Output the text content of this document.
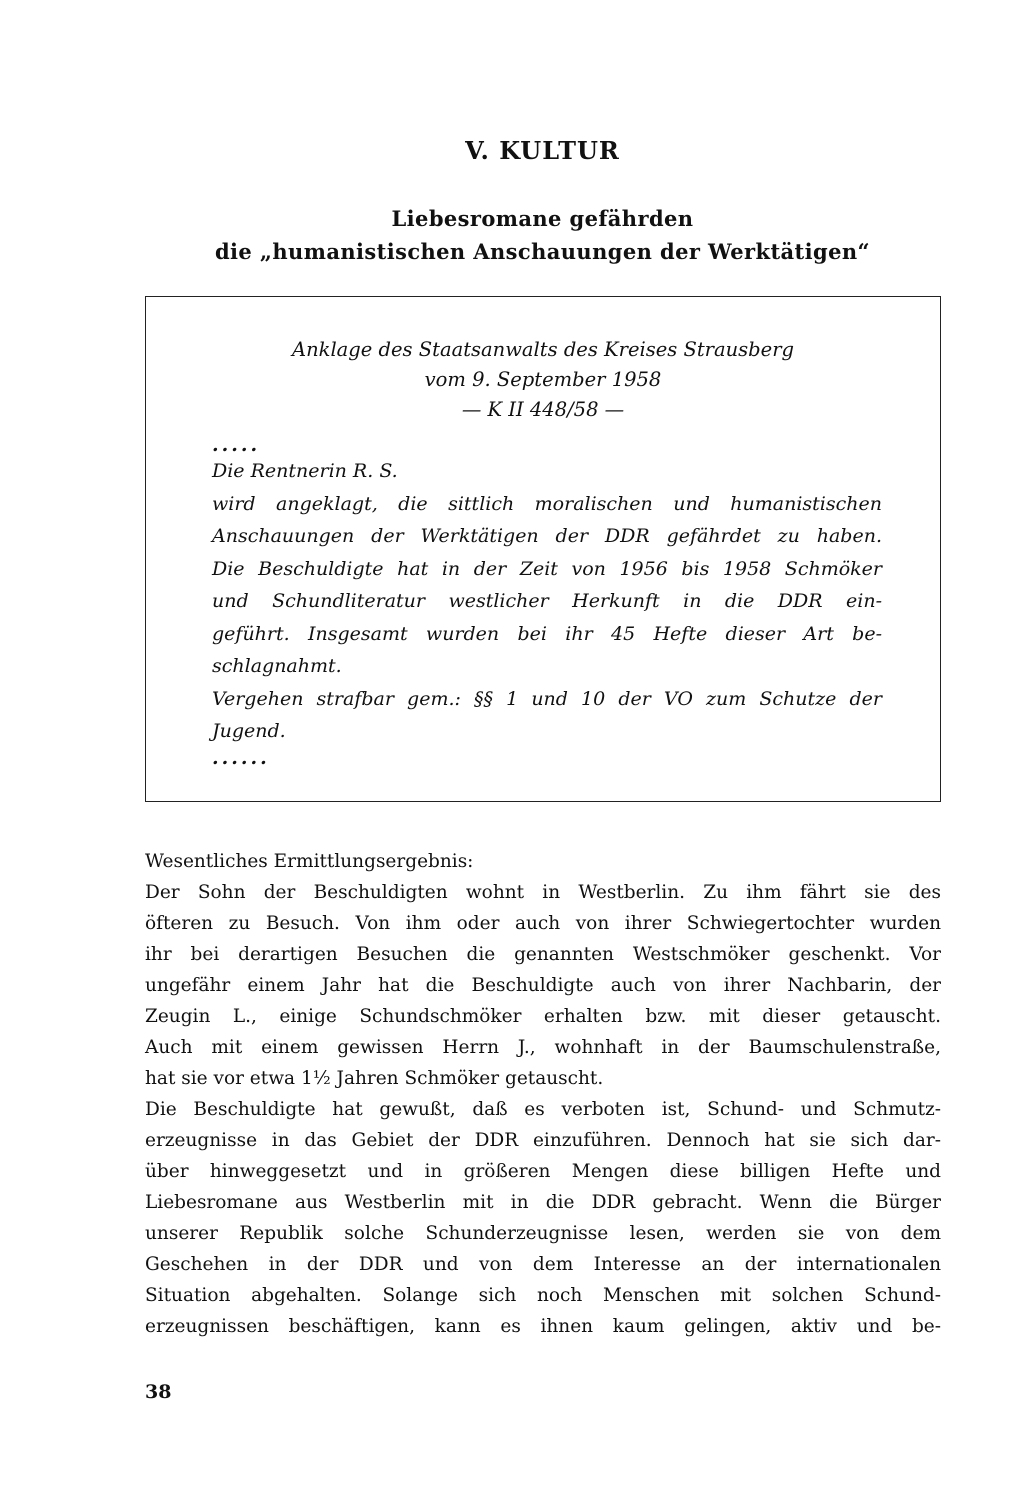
V. KULTUR
Liebesromane gefährden
die „humanistischen Anschauungen der Werktätigen“
Anklage des Staatsanwalts des Kreises Strausberg
vom 9. September 1958
— K II 448/58 —
.....
Die Rentnerin R. S.
wird angeklagt, die sittlich moralischen und humanistischen
Anschauungen der Werktätigen der DDR gefährdet zu haben.
Die Beschuldigte hat in der Zeit von 1956 bis 1958 Schmöker
und Schundliteratur westlicher Herkunft in die DDR ein-
geführt. Insgesamt wurden bei ihr 45 Hefte dieser Art be-
schlagnahmt.
Vergehen strafbar gem.: §§ 1 und 10 der VO zum Schutze der
Jugend.
......
Wesentliches Ermittlungsergebnis:
Der Sohn der Beschuldigten wohnt in Westberlin. Zu ihm fährt sie des
öfteren zu Besuch. Von ihm oder auch von ihrer Schwiegertochter wurden
ihr bei derartigen Besuchen die genannten Westschmöker geschenkt. Vor
ungefähr einem Jahr hat die Beschuldigte auch von ihrer Nachbarin, der
Zeugin L., einige Schundschmöker erhalten bzw. mit dieser getauscht.
Auch mit einem gewissen Herrn J., wohnhaft in der Baumschulenstraße,
hat sie vor etwa 1½ Jahren Schmöker getauscht.
Die Beschuldigte hat gewußt, daß es verboten ist, Schund- und Schmutz-
erzeugnisse in das Gebiet der DDR einzuführen. Dennoch hat sie sich dar-
über hinweggesetzt und in größeren Mengen diese billigen Hefte und
Liebesromane aus Westberlin mit in die DDR gebracht. Wenn die Bürger
unserer Republik solche Schunderzeugnisse lesen, werden sie von dem
Geschehen in der DDR und von dem Interesse an der internationalen
Situation abgehalten. Solange sich noch Menschen mit solchen Schund-
erzeugnissen beschäftigen, kann es ihnen kaum gelingen, aktiv und be-
38
